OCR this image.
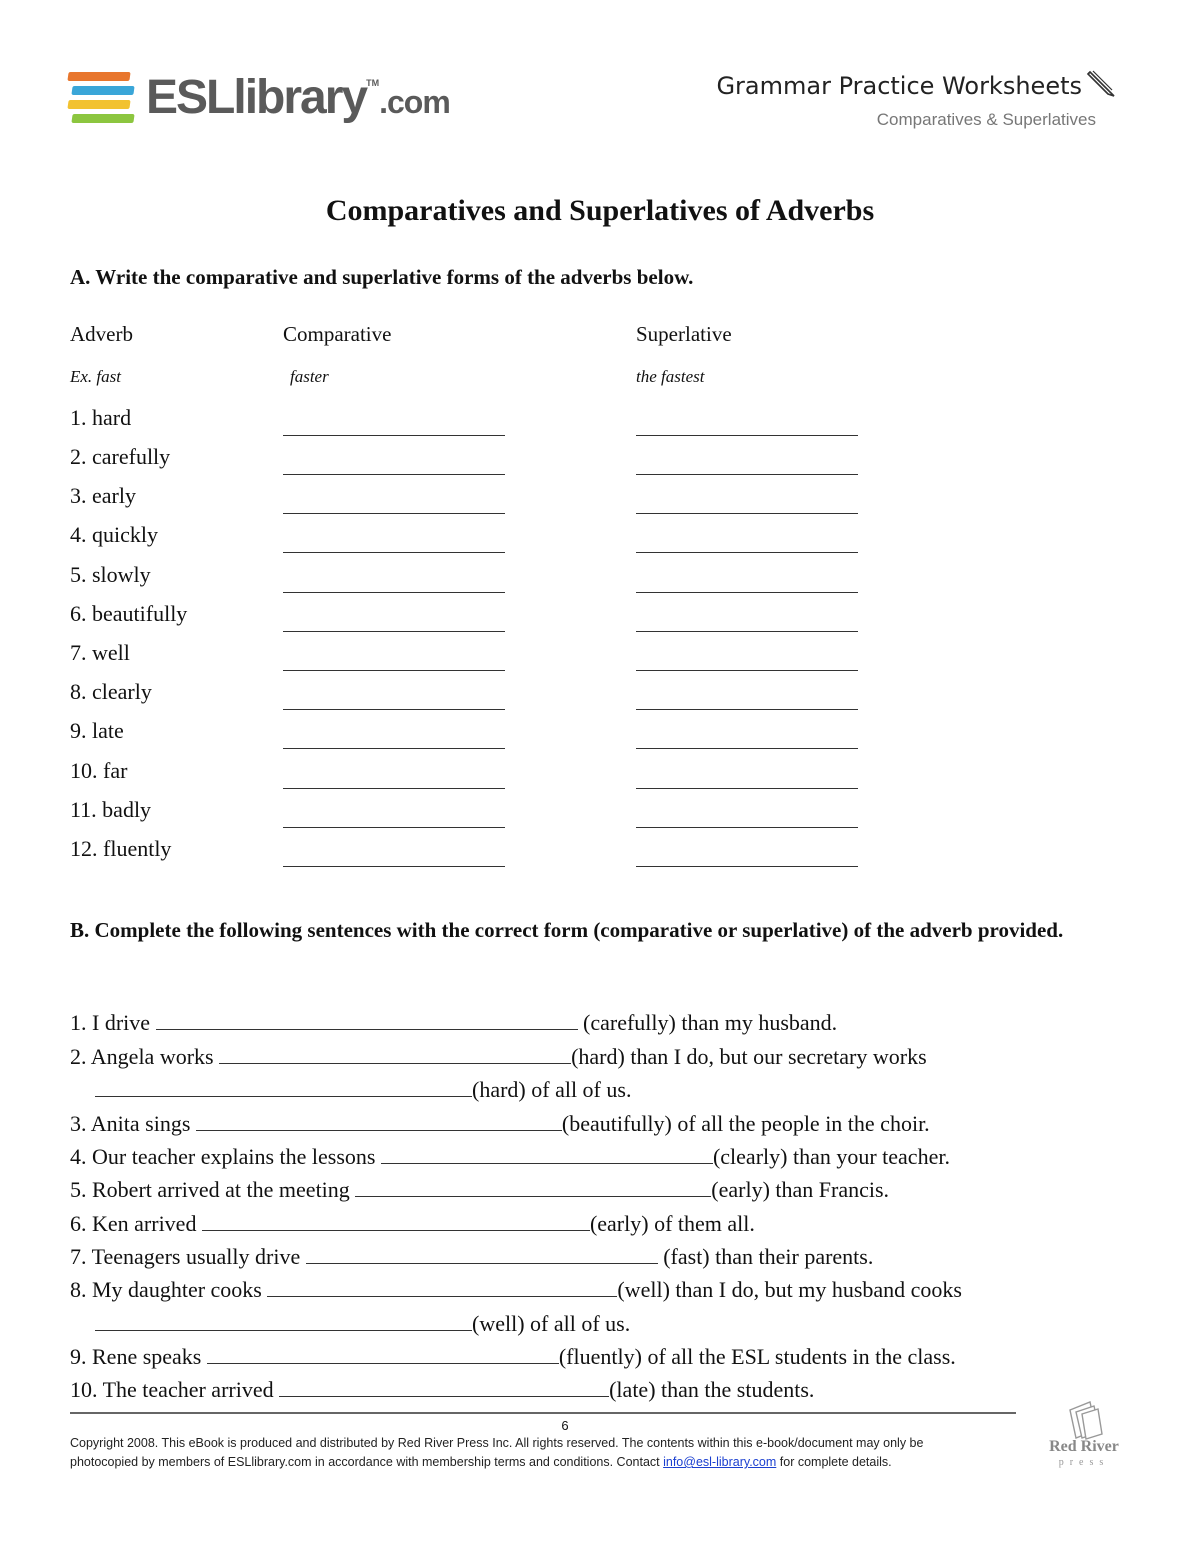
ESLlibrary™.com	Grammar Practice Worksheets
Comparatives & Superlatives
Comparatives and Superlatives of Adverbs
A. Write the comparative and superlative forms of the adverbs below.
Adverb	Comparative	Superlative
Ex. fast	faster	the fastest
1. hard
2. carefully
3. early
4. quickly
5. slowly
6. beautifully
7. well
8. clearly
9. late
10. far
11. badly
12. fluently
B. Complete the following sentences with the correct form (comparative or superlative) of the adverb provided.
1. I drive	(carefully) than my husband.
2. Angela works	(hard) than I do, but our secretary works
(hard) of all of us.
3. Anita sings	(beautifully) of all the people in the choir.
4. Our teacher explains the lessons	(clearly) than your teacher.
5. Robert arrived at the meeting	(early) than Francis.
6. Ken arrived	(early) of them all.
7. Teenagers usually drive	(fast) than their parents.
8. My daughter cooks	(well) than I do, but my husband cooks
(well) of all of us.
9. Rene speaks	(fluently) of all the ESL students in the class.
10. The teacher arrived	(late) than the students.
6
Copyright 2008. This eBook is produced and distributed by Red River Press Inc. All rights reserved. The contents within this e-book/document may only be
photocopied by members of ESLlibrary.com in accordance with membership terms and conditions. Contact info@esl-library.com for complete details.
Red River
press
